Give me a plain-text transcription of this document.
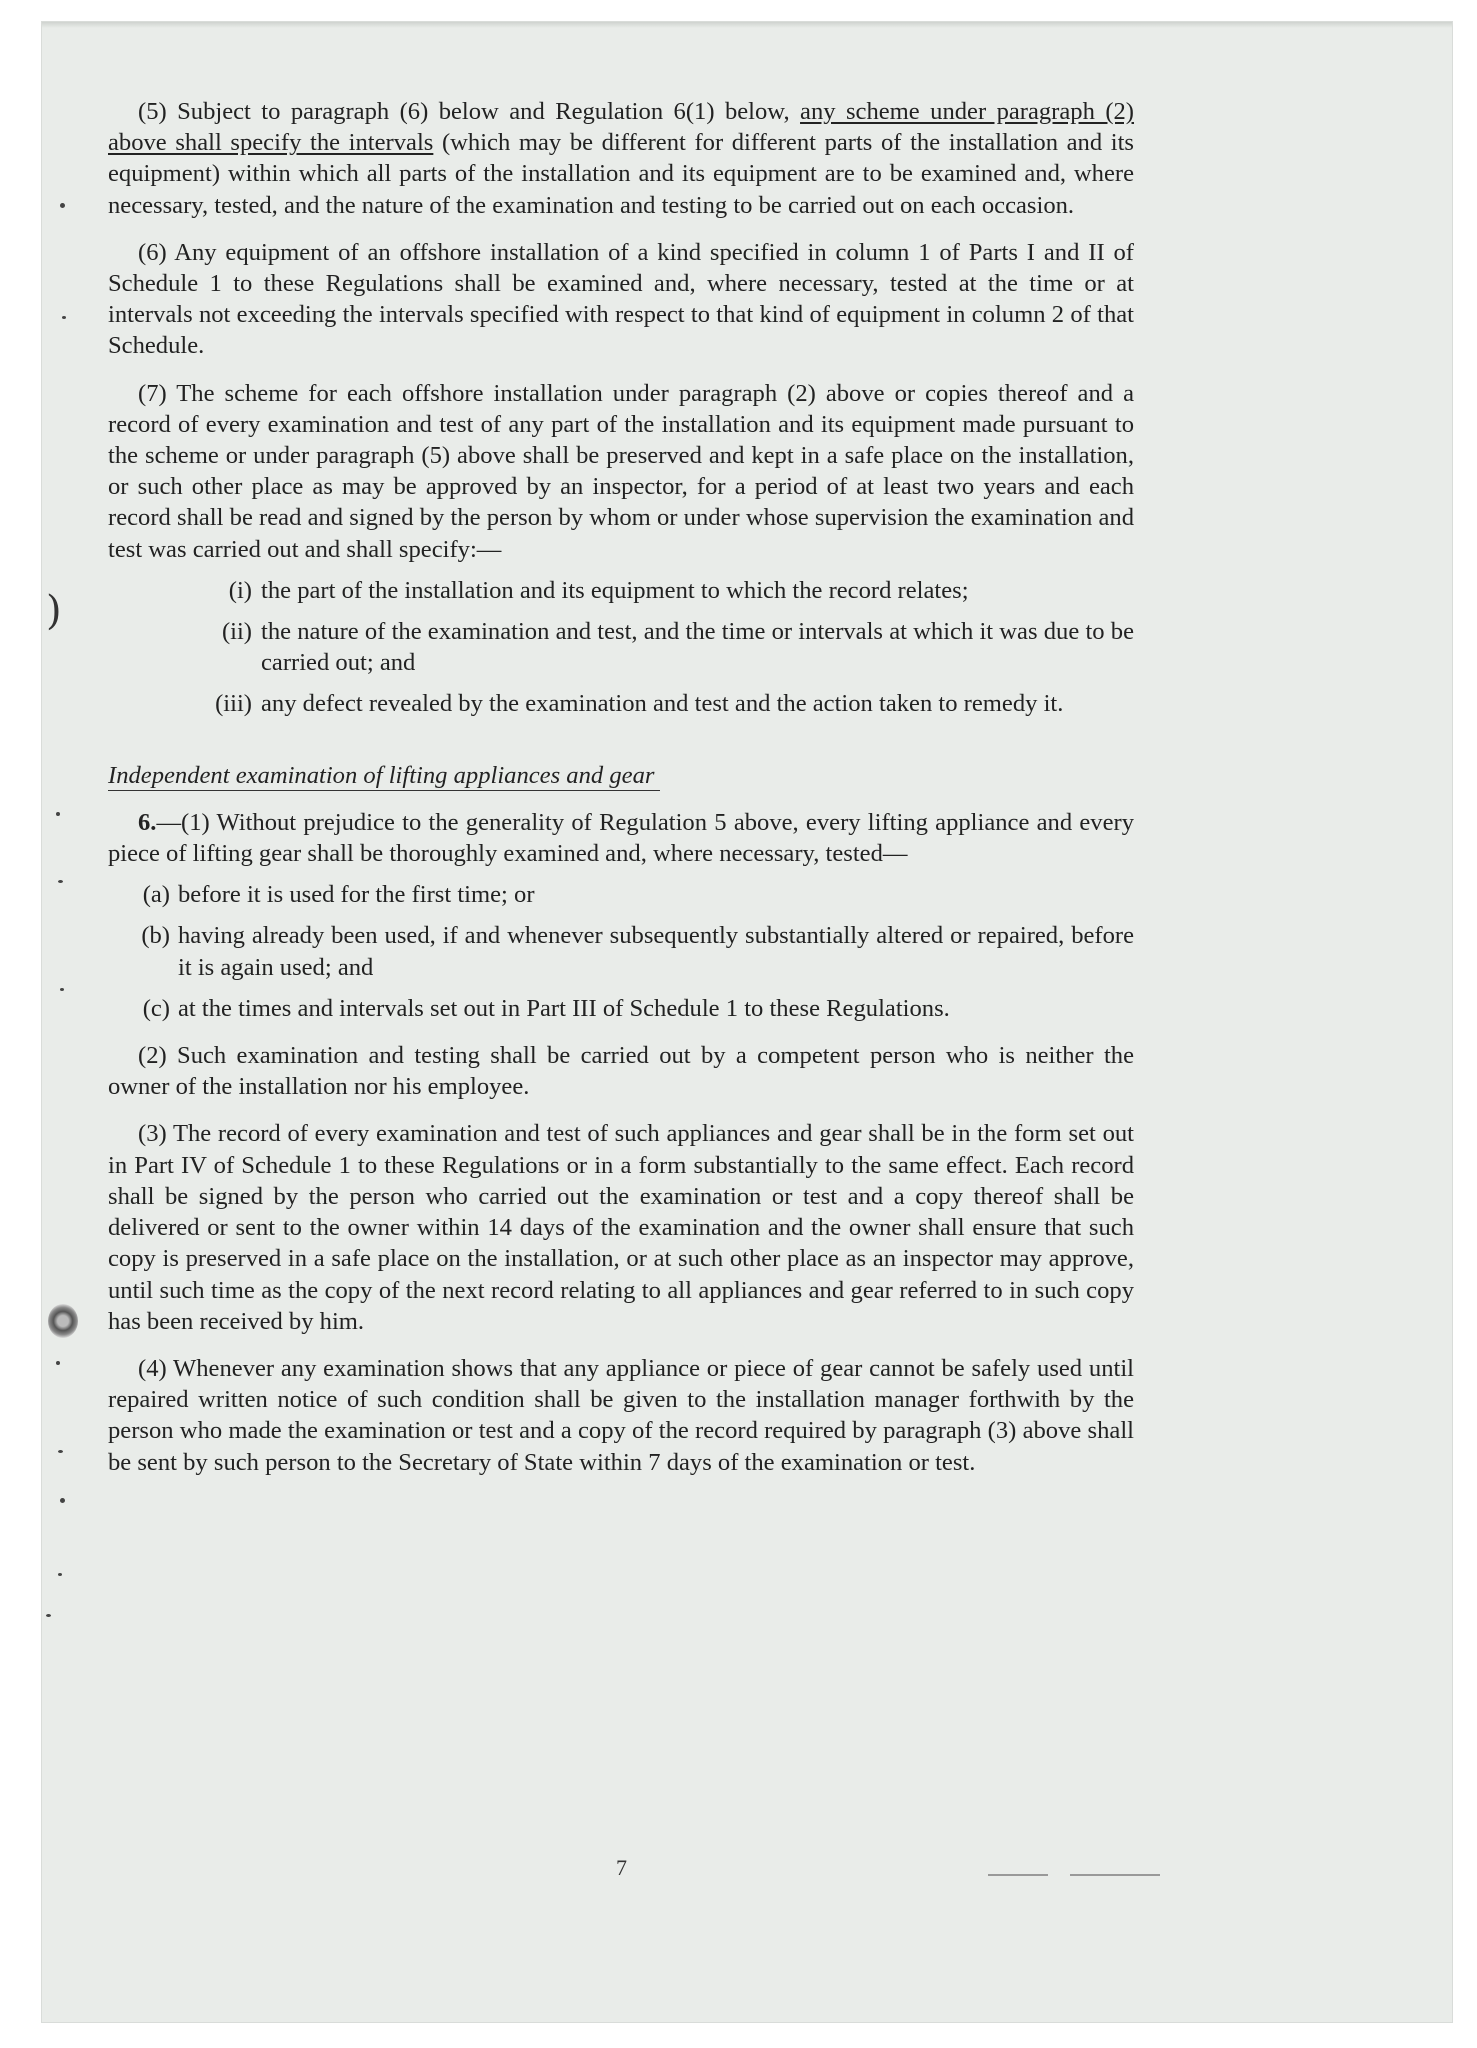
)

(5) Subject to paragraph (6) below and Regulation 6(1) below, any scheme under paragraph (2) above shall specify the intervals (which may be different for different parts of the installation and its equipment) within which all parts of the installation and its equipment are to be examined and, where necessary, tested, and the nature of the examination and testing to be carried out on each occasion.

(6) Any equipment of an offshore installation of a kind specified in column 1 of Parts I and II of Schedule 1 to these Regulations shall be examined and, where necessary, tested at the time or at intervals not exceeding the intervals specified with respect to that kind of equipment in column 2 of that Schedule.

(7) The scheme for each offshore installation under paragraph (2) above or copies thereof and a record of every examination and test of any part of the installation and its equipment made pursuant to the scheme or under paragraph (5) above shall be preserved and kept in a safe place on the installation, or such other place as may be approved by an inspector, for a period of at least two years and each record shall be read and signed by the person by whom or under whose supervision the examination and test was carried out and shall specify:—

(i) the part of the installation and its equipment to which the record relates;
(ii) the nature of the examination and test, and the time or intervals at which it was due to be carried out; and
(iii) any defect revealed by the examination and test and the action taken to remedy it.
Independent examination of lifting appliances and gear

6.—(1) Without prejudice to the generality of Regulation 5 above, every lifting appliance and every piece of lifting gear shall be thoroughly examined and, where necessary, tested—

(a) before it is used for the first time; or
(b) having already been used, if and whenever subsequently substantially altered or repaired, before it is again used; and
(c) at the times and intervals set out in Part III of Schedule 1 to these Regulations.

(2) Such examination and testing shall be carried out by a competent person who is neither the owner of the installation nor his employee.

(3) The record of every examination and test of such appliances and gear shall be in the form set out in Part IV of Schedule 1 to these Regulations or in a form substantially to the same effect. Each record shall be signed by the person who carried out the examination or test and a copy thereof shall be delivered or sent to the owner within 14 days of the examination and the owner shall ensure that such copy is preserved in a safe place on the installation, or at such other place as an inspector may approve, until such time as the copy of the next record relating to all appliances and gear referred to in such copy has been received by him.

(4) Whenever any examination shows that any appliance or piece of gear cannot be safely used until repaired written notice of such condition shall be given to the installation manager forthwith by the person who made the examination or test and a copy of the record required by paragraph (3) above shall be sent by such person to the Secretary of State within 7 days of the examination or test.

7
